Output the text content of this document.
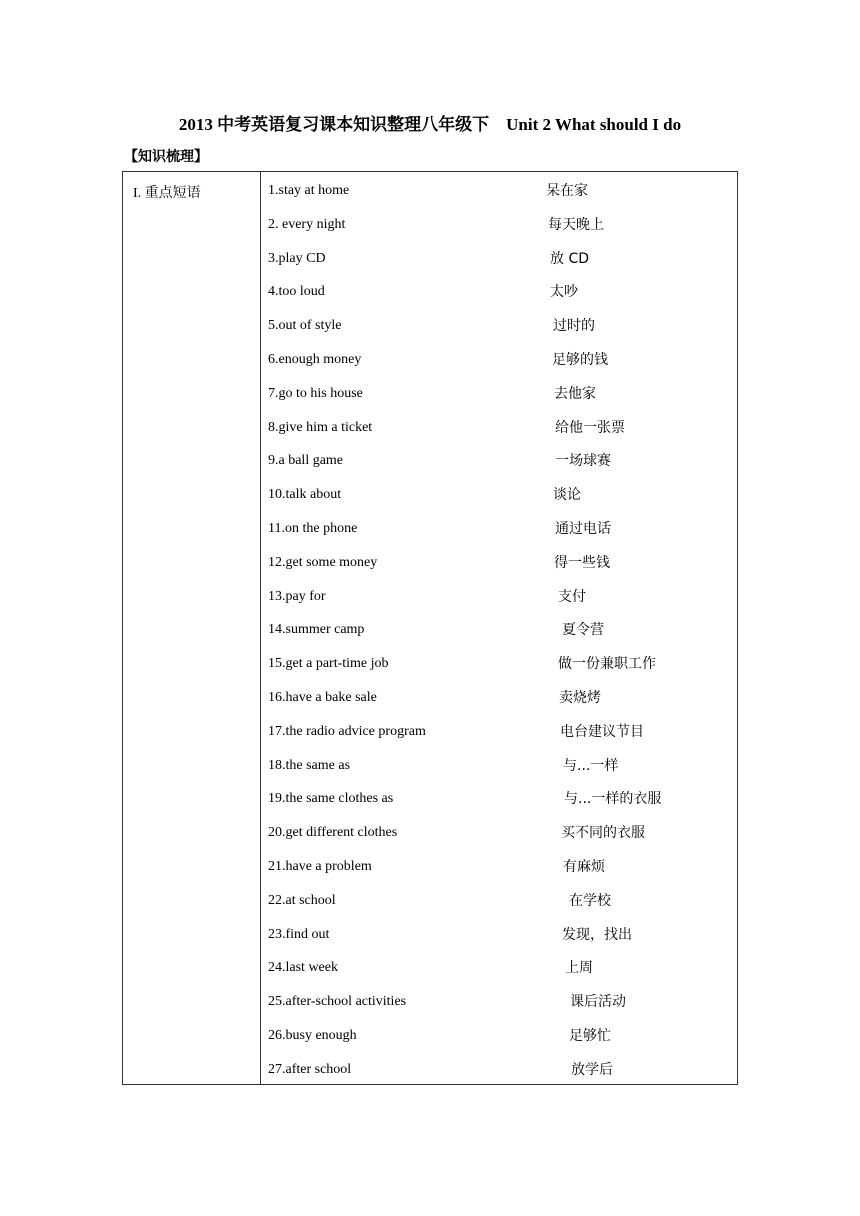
2013 中考英语复习课本知识整理八年级下    Unit 2 What should I do
【知识梳理】
I. 重点短语	1.stay at home	呆在家
2. every night	每天晚上
3.play CD	放 CD
4.too loud	太吵
5.out of style	过时的
6.enough money	足够的钱
7.go to his house	去他家
8.give him a ticket	给他一张票
9.a ball game	一场球赛
10.talk about	谈论
11.on the phone	通过电话
12.get some money	得一些钱
13.pay for	支付
14.summer camp	夏令营
15.get a part-time job	做一份兼职工作
16.have a bake sale	卖烧烤
17.the radio advice program	电台建议节目
18.the same as	与...一样
19.the same clothes as	与...一样的衣服
20.get different clothes	买不同的衣服
21.have a problem	有麻烦
22.at school	在学校
23.find out	发现，找出
24.last week	上周
25.after-school activities	课后活动
26.busy enough	足够忙
27.after school	放学后
